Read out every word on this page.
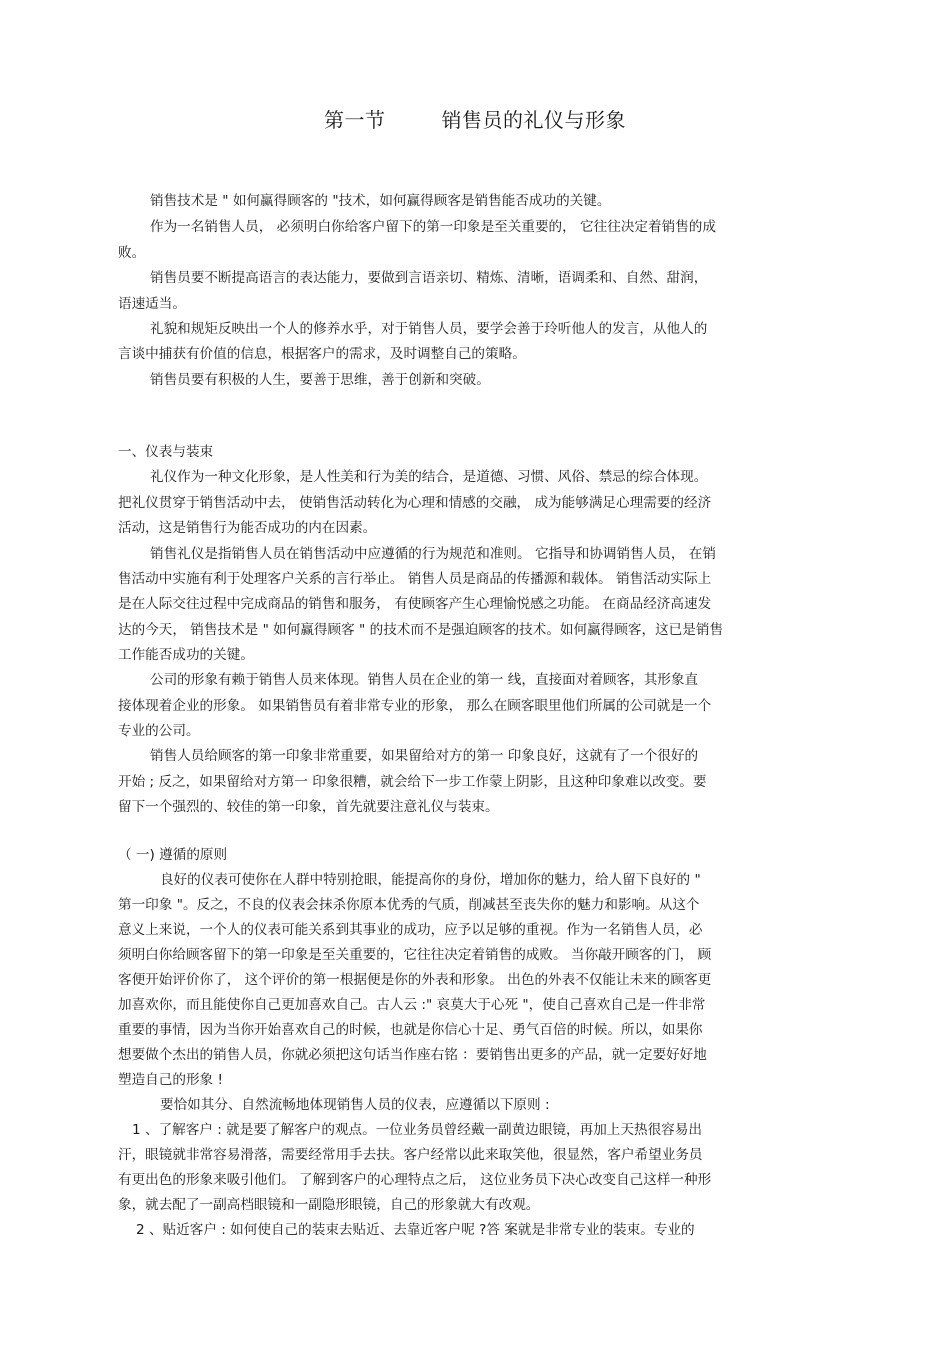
第一节	销售员的礼仪与形象
销售技术是 " 如何赢得顾客的 "技术，如何赢得顾客是销售能否成功的关键。
作为一名销售人员， 必须明白你给客户留下的第一印象是至关重要的， 它往往决定着销售的成
败。
销售员要不断提高语言的表达能力，要做到言语亲切、精炼、清晰，语调柔和、自然、甜润，
语速适当。
礼貌和规矩反映出一个人的修养水乎，对于销售人员，要学会善于玲听他人的发言，从他人的
言谈中捕获有价值的信息，根据客户的需求，及时调整自己的策略。
销售员要有积极的人生，要善于思维，善于创新和突破。
一、仪表与装束
礼仪作为一种文化形象，是人性美和行为美的结合，是道德、习惯、风俗、禁忌的综合体现。
把礼仪贯穿于销售活动中去， 使销售活动转化为心理和情感的交融， 成为能够满足心理需要的经济
活动，这是销售行为能否成功的内在因素。
销售礼仪是指销售人员在销售活动中应遵循的行为规范和准则。 它指导和协调销售人员， 在销
售活动中实施有利于处理客户关系的言行举止。 销售人员是商品的传播源和载体。 销售活动实际上
是在人际交往过程中完成商品的销售和服务， 有使顾客产生心理愉悦感之功能。 在商品经济高速发
达的今天， 销售技术是 " 如何赢得顾客 " 的技术而不是强迫顾客的技术。如何赢得顾客，这已是销售
工作能否成功的关键。
公司的形象有赖于销售人员来体现。销售人员在企业的第一 线，直接面对着顾客，其形象直
接体现着企业的形象。 如果销售员有着非常专业的形象， 那么在顾客眼里他们所属的公司就是一个
专业的公司。
销售人员给顾客的第一印象非常重要，如果留给对方的第一 印象良好，这就有了一个很好的
开始 ; 反之，如果留给对方第一 印象很糟，就会给下一步工作蒙上阴影，且这种印象难以改变。要
留下一个强烈的、较佳的第一印象，首先就要注意礼仪与装束。
（ 一) 遵循的原则
良好的仪表可使你在人群中特别抢眼，能提高你的身份，增加你的魅力，给人留下良好的 "
第一印象 "。反之，不良的仪表会抹杀你原本优秀的气质，削减甚至丧失你的魅力和影响。从这个
意义上来说，一个人的仪表可能关系到其事业的成功，应予以足够的重视。作为一名销售人员，必
须明白你给顾客留下的第一印象是至关重要的，它往往决定着销售的成败。 当你敲开顾客的门， 顾
客便开始评价你了， 这个评价的第一根据便是你的外表和形象。 出色的外表不仅能让未来的顾客更
加喜欢你，而且能使你自己更加喜欢自己。古人云 :" 哀莫大于心死 "，使自己喜欢自己是一件非常
重要的事情，因为当你开始喜欢自己的时候，也就是你信心十足、勇气百倍的时候。所以，如果你
想要做个杰出的销售人员，你就必须把这句话当作座右铭 ：要销售出更多的产品，就一定要好好地
塑造自己的形象 !
要恰如其分、自然流畅地体现销售人员的仪表，应遵循以下原则 :
1 、了解客户 : 就是要了解客户的观点。一位业务员曾经戴一副黄边眼镜，再加上天热很容易出
汗，眼镜就非常容易滑落，需要经常用手去扶。客户经常以此来取笑他，很显然，客户希望业务员
有更出色的形象来吸引他们。 了解到客户的心理特点之后， 这位业务员下决心改变自己这样一种形
象，就去配了一副高档眼镜和一副隐形眼镜，自己的形象就大有改观。
2 、贴近客户 : 如何使自己的装束去贴近、去靠近客户呢 ?答 案就是非常专业的装束。专业的
